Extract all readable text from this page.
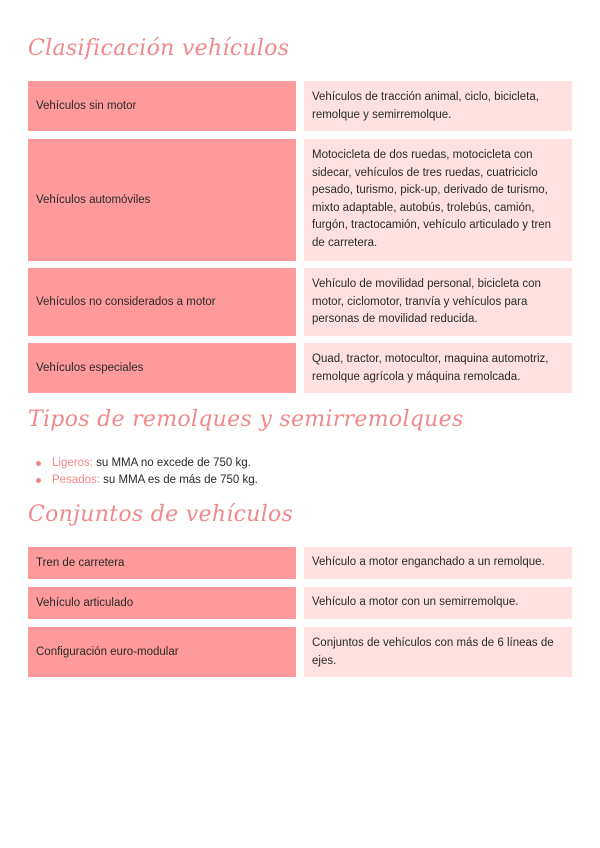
Clasificación vehículos
Vehículos sin motor
Vehículos de tracción animal, ciclo, bicicleta, remolque y semirremolque.
Vehículos automóviles
Motocicleta de dos ruedas, motocicleta con sidecar, vehículos de tres ruedas, cuatriciclo pesado, turismo, pick-up, derivado de turismo, mixto adaptable, autobús, trolebús, camión, furgón, tractocamión, vehículo articulado y tren de carretera.
Vehículos no considerados a motor
Vehículo de movilidad personal, bicicleta con motor, ciclomotor, tranvía y vehículos para personas de movilidad reducida.
Vehículos especiales
Quad, tractor, motocultor, maquina automotriz, remolque agrícola y máquina remolcada.
Tipos de remolques y semirremolques
Ligeros: su MMA no excede de 750 kg.
Pesados: su MMA es de más de 750 kg.
Conjuntos de vehículos
Tren de carretera	Vehículo a motor enganchado a un remolque.
Vehículo articulado	Vehículo a motor con un semirremolque.
Configuración euro-modular
Conjuntos de vehículos con más de 6 líneas de ejes.
